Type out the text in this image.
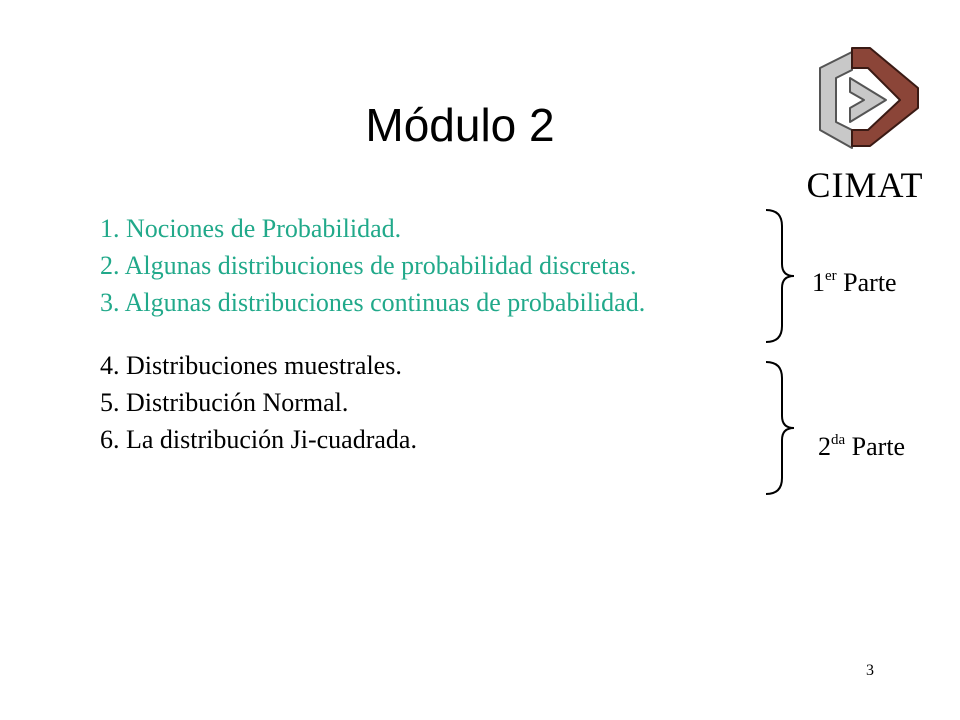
Módulo 2
CIMAT
1. Nociones de Probabilidad.
2. Algunas distribuciones de probabilidad discretas.
3. Algunas distribuciones continuas de probabilidad.
4. Distribuciones muestrales.
5. Distribución Normal.
6. La distribución Ji-cuadrada.
1er Parte
$2^{da}$ Parte
3
